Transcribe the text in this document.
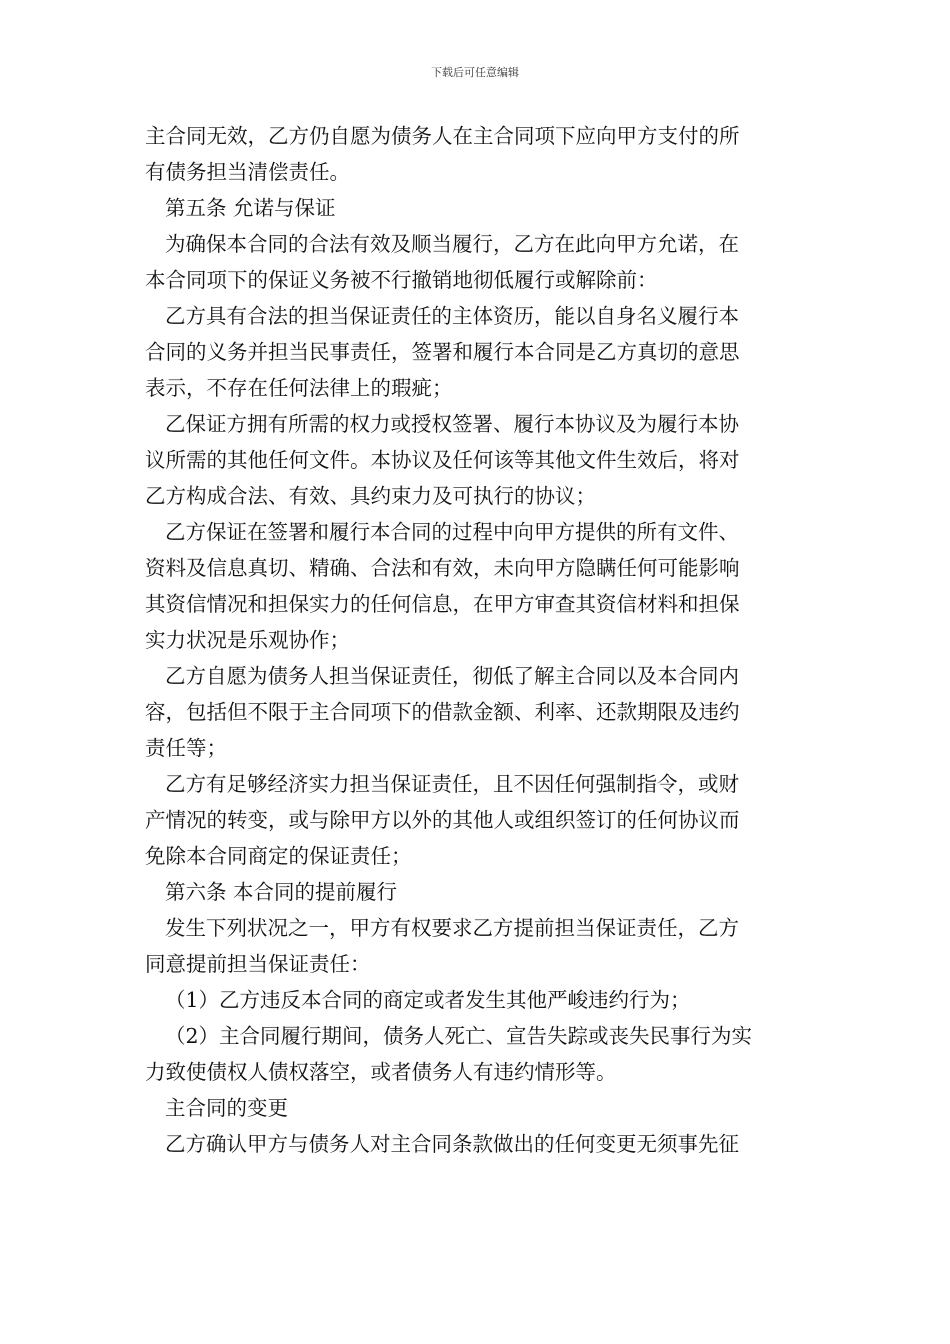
下载后可任意编辑
主合同无效，乙方仍自愿为债务人在主合同项下应向甲方支付的所
有债务担当清偿责任。
第五条 允诺与保证
为确保本合同的合法有效及顺当履行，乙方在此向甲方允诺，在
本合同项下的保证义务被不行撤销地彻低履行或解除前：
乙方具有合法的担当保证责任的主体资历，能以自身名义履行本
合同的义务并担当民事责任，签署和履行本合同是乙方真切的意思
表示，不存在任何法律上的瑕疵；
乙保证方拥有所需的权力或授权签署、履行本协议及为履行本协
议所需的其他任何文件。本协议及任何该等其他文件生效后，将对
乙方构成合法、有效、具约束力及可执行的协议；
乙方保证在签署和履行本合同的过程中向甲方提供的所有文件、
资料及信息真切、精确、合法和有效，未向甲方隐瞒任何可能影响
其资信情况和担保实力的任何信息，在甲方审查其资信材料和担保
实力状况是乐观协作；
乙方自愿为债务人担当保证责任，彻低了解主合同以及本合同内
容，包括但不限于主合同项下的借款金额、利率、还款期限及违约
责任等；
乙方有足够经济实力担当保证责任，且不因任何强制指令，或财
产情况的转变，或与除甲方以外的其他人或组织签订的任何协议而
免除本合同商定的保证责任；
第六条 本合同的提前履行
发生下列状况之一，甲方有权要求乙方提前担当保证责任，乙方
同意提前担当保证责任：
（1）乙方违反本合同的商定或者发生其他严峻违约行为；
（2）主合同履行期间，债务人死亡、宣告失踪或丧失民事行为实
力致使债权人债权落空，或者债务人有违约情形等。
主合同的变更
乙方确认甲方与债务人对主合同条款做出的任何变更无须事先征
